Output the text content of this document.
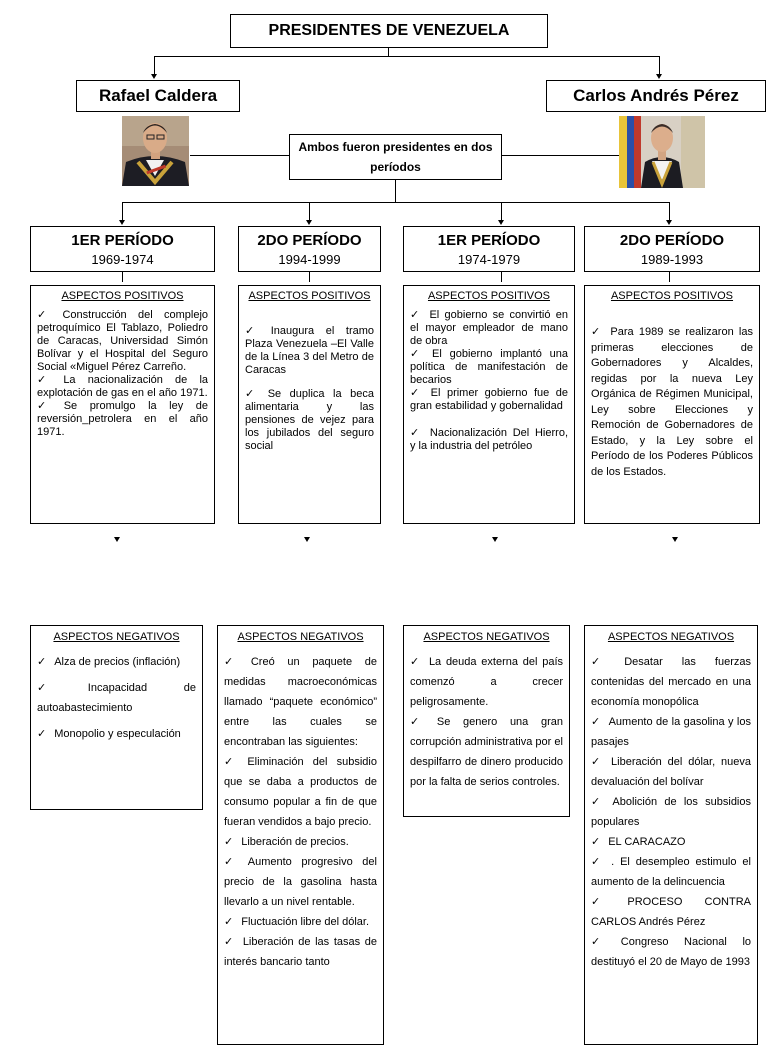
PRESIDENTES DE VENEZUELA
Rafael Caldera	Carlos Andrés Pérez
Ambos fueron presidentes en dos períodos
1ER PERÍODO
1969-1974
2DO PERÍODO
1994-1999
1ER PERÍODO
1974-1979
2DO PERÍODO
1989-1993
ASPECTOS POSITIVOS

✓ Construcción del complejo petroquímico El Tablazo, Poliedro de Caracas, Universidad Simón Bolívar y el Hospital del Seguro Social «Miguel Pérez Carreño.

✓ La nacionalización de la explotación de gas en el año 1971.

✓ Se promulgo la ley de reversión_petrolera en el año 1971.

ASPECTOS POSITIVOS

✓ Inaugura el tramo Plaza Venezuela –El Valle de la Línea 3 del Metro de Caracas

✓ Se duplica la beca alimentaria y las pensiones de vejez para los jubilados del seguro social

ASPECTOS POSITIVOS

✓ El gobierno se convirtió en el mayor empleador de mano de obra

✓ El gobierno implantó una política de manifestación de becarios

✓ El primer gobierno fue de gran estabilidad y gobernalidad

✓ Nacionalización Del Hierro, y la industria del petróleo

ASPECTOS POSITIVOS

✓ Para 1989 se realizaron las primeras elecciones de Gobernadores y Alcaldes, regidas por la nueva Ley Orgánica de Régimen Municipal, Ley sobre Elecciones y Remoción de Gobernadores de Estado, y la Ley sobre el Período de los Poderes Públicos de los Estados.

ASPECTOS NEGATIVOS

✓ Alza de precios (inflación)

✓ Incapacidad de autoabastecimiento

✓ Monopolio y especulación

ASPECTOS NEGATIVOS

✓ Creó un paquete de medidas macroeconómicas llamado “paquete económico” entre las cuales se encontraban las siguientes:

✓ Eliminación del subsidio que se daba a productos de consumo popular a fin de que fueran vendidos a bajo precio.

✓ Liberación de precios.

✓ Aumento progresivo del precio de la gasolina hasta llevarlo a un nivel rentable.

✓ Fluctuación libre del dólar.

✓ Liberación de las tasas de interés bancario tanto

ASPECTOS NEGATIVOS

✓ La deuda externa del país comenzó a crecer peligrosamente.

✓ Se genero una gran corrupción administrativa por el despilfarro de dinero producido por la falta de serios controles.

ASPECTOS NEGATIVOS

✓ Desatar las fuerzas contenidas del mercado en una economía monopólica

✓ Aumento de la gasolina y los pasajes

✓ Liberación del dólar, nueva devaluación del bolívar

✓ Abolición de los subsidios populares

✓ EL CARACAZO

✓ . El desempleo estimulo el aumento de la delincuencia

✓ PROCESO CONTRA CARLOS Andrés Pérez

✓ Congreso Nacional lo destituyó el 20 de Mayo de 1993
